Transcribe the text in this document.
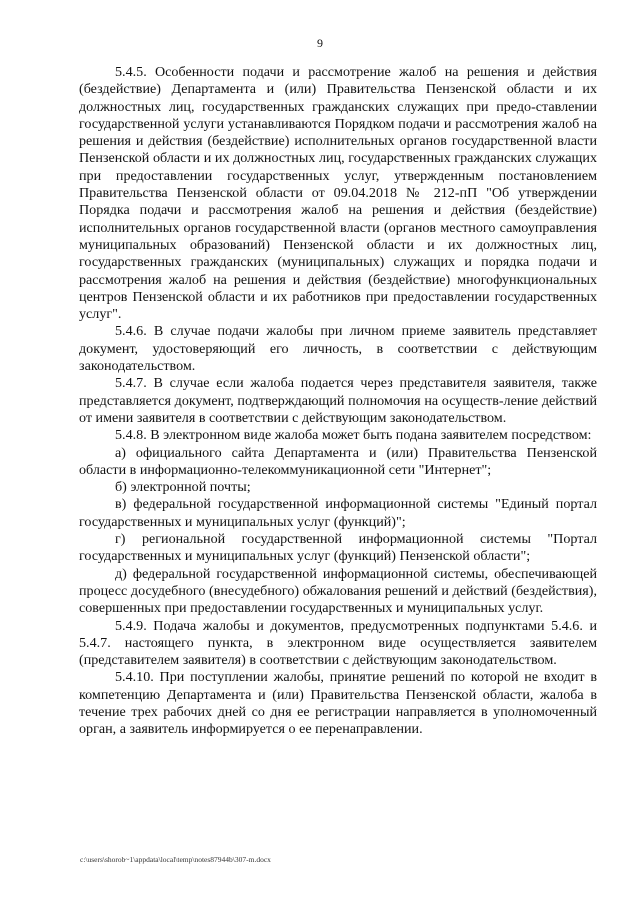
9

5.4.5. Особенности подачи и рассмотрение жалоб на решения и действия (бездействие) Департамента и (или) Правительства Пензенской области и их должностных лиц, государственных гражданских служащих при предо-ставлении государственной услуги устанавливаются Порядком подачи и рассмотрения жалоб на решения и действия (бездействие) исполнительных органов государственной власти Пензенской области и их должностных лиц, государственных гражданских служащих при предоставлении государственных услуг, утвержденным постановлением Правительства Пензенской области от 09.04.2018 № 212-пП "Об утверждении Порядка подачи и рассмотрения жалоб на решения и действия (бездействие) исполнительных органов государственной власти (органов местного самоуправления муниципальных образований) Пензенской области и их должностных лиц, государственных гражданских (муниципальных) служащих и порядка подачи и рассмотрения жалоб на решения и действия (бездействие) многофункциональных центров Пензенской области и их работников при предоставлении государственных услуг".

5.4.6. В случае подачи жалобы при личном приеме заявитель представляет документ, удостоверяющий его личность, в соответствии с действующим законодательством.

5.4.7. В случае если жалоба подается через представителя заявителя, также представляется документ, подтверждающий полномочия на осуществ-ление действий от имени заявителя в соответствии с действующим законодательством.

5.4.8. В электронном виде жалоба может быть подана заявителем посредством:

а) официального сайта Департамента и (или) Правительства Пензенской области в информационно-телекоммуникационной сети "Интернет";

б) электронной почты;

в) федеральной государственной информационной системы "Единый портал государственных и муниципальных услуг (функций)";

г) региональной государственной информационной системы "Портал государственных и муниципальных услуг (функций) Пензенской области";

д) федеральной государственной информационной системы, обеспечивающей процесс досудебного (внесудебного) обжалования решений и действий (бездействия), совершенных при предоставлении государственных и муниципальных услуг.

5.4.9. Подача жалобы и документов, предусмотренных подпунктами 5.4.6. и 5.4.7. настоящего пункта, в электронном виде осуществляется заявителем (представителем заявителя) в соответствии с действующим законодательством.

5.4.10. При поступлении жалобы, принятие решений по которой не входит в компетенцию Департамента и (или) Правительства Пензенской области, жалоба в течение трех рабочих дней со дня ее регистрации направляется в уполномоченный орган, а заявитель информируется о ее перенаправлении.

c:\users\shorob~1\appdata\local\temp\notes87944b\307-m.docx
